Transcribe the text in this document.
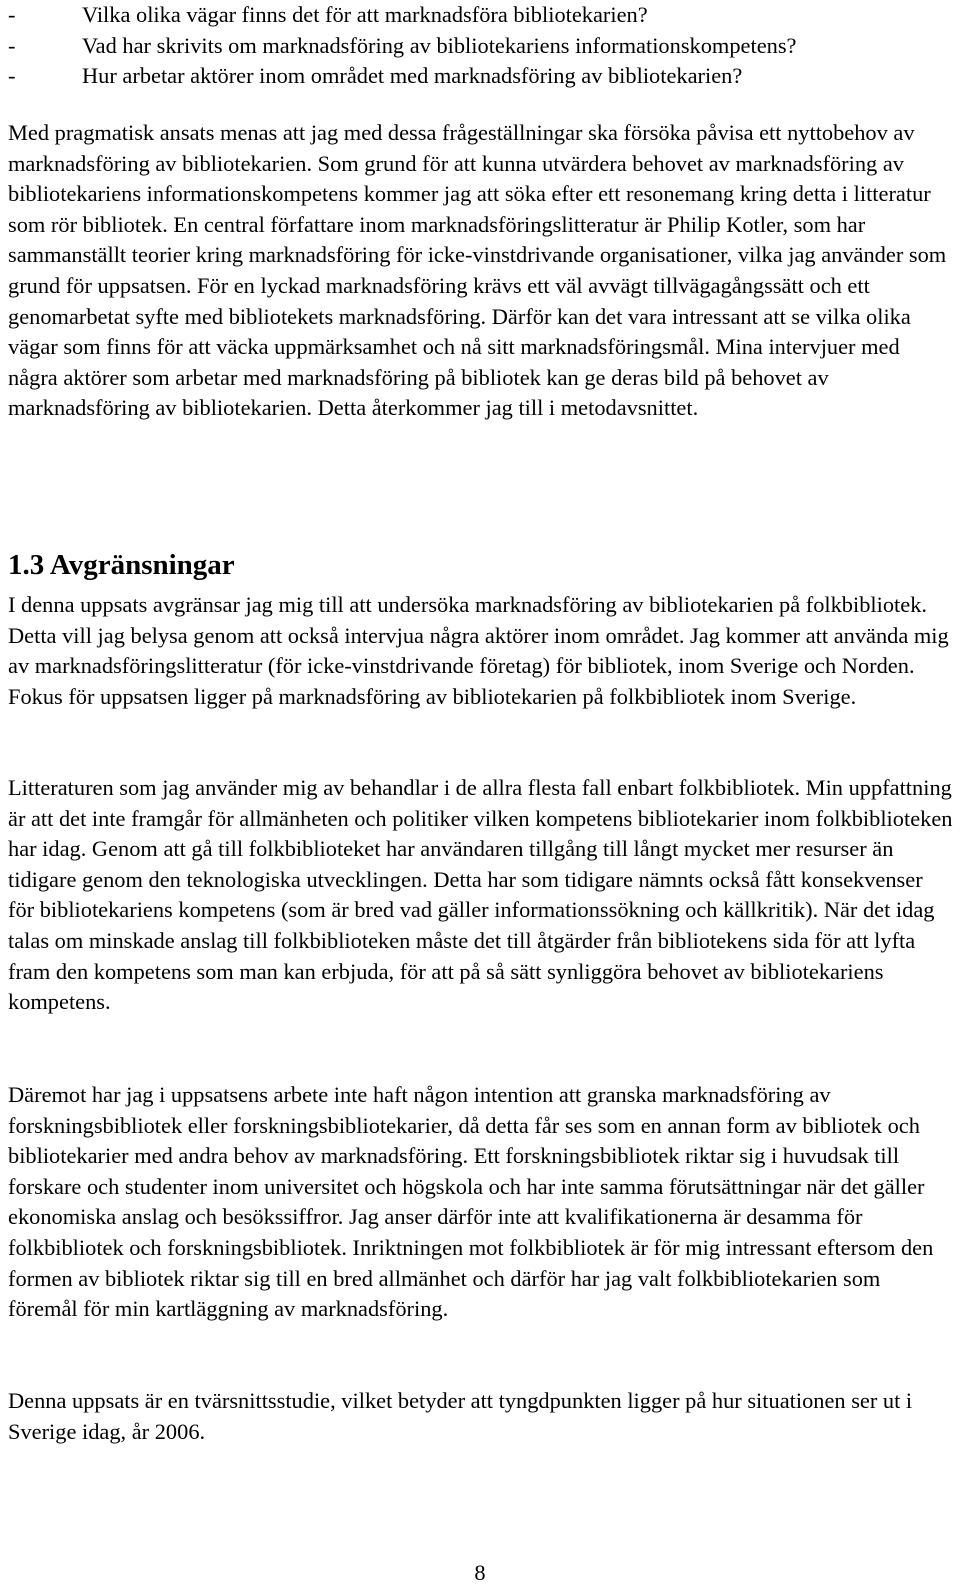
-	Vilka olika vägar finns det för att marknadsföra bibliotekarien?
-	Vad har skrivits om marknadsföring av bibliotekariens informationskompetens?
-	Hur arbetar aktörer inom området med marknadsföring av bibliotekarien?

Med pragmatisk ansats menas att jag med dessa frågeställningar ska försöka påvisa ett nyttobehov av marknadsföring av bibliotekarien. Som grund för att kunna utvärdera behovet av marknadsföring av bibliotekariens informationskompetens kommer jag att söka efter ett resonemang kring detta i litteratur som rör bibliotek. En central författare inom marknadsföringslitteratur är Philip Kotler, som har sammanställt teorier kring marknadsföring för icke-vinstdrivande organisationer, vilka jag använder som grund för uppsatsen. För en lyckad marknadsföring krävs ett väl avvägt tillvägagångssätt och ett genomarbetat syfte med bibliotekets marknadsföring. Därför kan det vara intressant att se vilka olika vägar som finns för att väcka uppmärksamhet och nå sitt marknadsföringsmål. Mina intervjuer med några aktörer som arbetar med marknadsföring på bibliotek kan ge deras bild på behovet av marknadsföring av bibliotekarien. Detta återkommer jag till i metodavsnittet.

1.3 Avgränsningar

I denna uppsats avgränsar jag mig till att undersöka marknadsföring av bibliotekarien på folkbibliotek. Detta vill jag belysa genom att också intervjua några aktörer inom området. Jag kommer att använda mig av marknadsföringslitteratur (för icke-vinstdrivande företag) för bibliotek, inom Sverige och Norden. Fokus för uppsatsen ligger på marknadsföring av bibliotekarien på folkbibliotek inom Sverige.

Litteraturen som jag använder mig av behandlar i de allra flesta fall enbart folkbibliotek. Min uppfattning är att det inte framgår för allmänheten och politiker vilken kompetens bibliotekarier inom folkbiblioteken har idag. Genom att gå till folkbiblioteket har användaren tillgång till långt mycket mer resurser än tidigare genom den teknologiska utvecklingen. Detta har som tidigare nämnts också fått konsekvenser för bibliotekariens kompetens (som är bred vad gäller informationssökning och källkritik). När det idag talas om minskade anslag till folkbiblioteken måste det till åtgärder från bibliotekens sida för att lyfta fram den kompetens som man kan erbjuda, för att på så sätt synliggöra behovet av bibliotekariens kompetens.

Däremot har jag i uppsatsens arbete inte haft någon intention att granska marknadsföring av forskningsbibliotek eller forskningsbibliotekarier, då detta får ses som en annan form av bibliotek och bibliotekarier med andra behov av marknadsföring. Ett forskningsbibliotek riktar sig i huvudsak till forskare och studenter inom universitet och högskola och har inte samma förutsättningar när det gäller ekonomiska anslag och besökssiffror. Jag anser därför inte att kvalifikationerna är desamma för folkbibliotek och forskningsbibliotek. Inriktningen mot folkbibliotek är för mig intressant eftersom den formen av bibliotek riktar sig till en bred allmänhet och därför har jag valt folkbibliotekarien som föremål för min kartläggning av marknadsföring.

Denna uppsats är en tvärsnittsstudie, vilket betyder att tyngdpunkten ligger på hur situationen ser ut i Sverige idag, år 2006.

8
